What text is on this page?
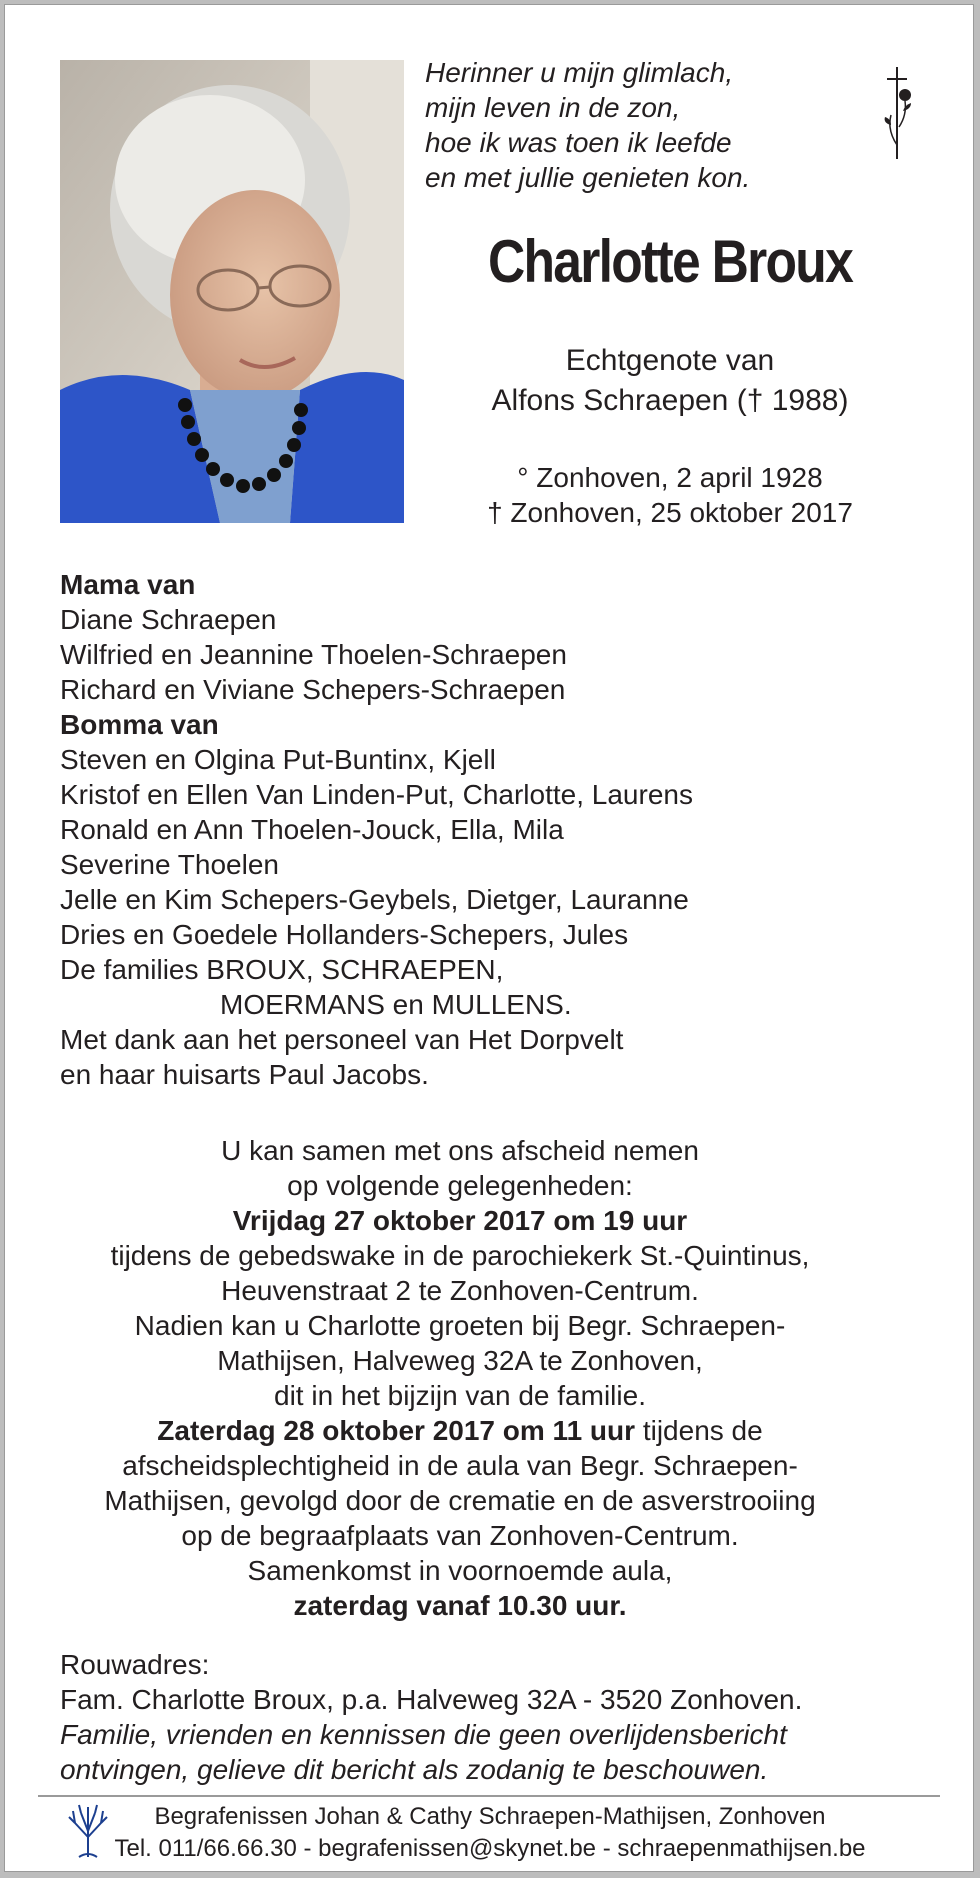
Herinner u mijn glimlach,
mijn leven in de zon,
hoe ik was toen ik leefde
en met jullie genieten kon.
Charlotte Broux
Echtgenote van
Alfons Schraepen († 1988)
° Zonhoven, 2 april 1928
† Zonhoven, 25 oktober 2017
Mama van
Diane Schraepen
Wilfried en Jeannine Thoelen-Schraepen
Richard en Viviane Schepers-Schraepen
Bomma van
Steven en Olgina Put-Buntinx, Kjell
Kristof en Ellen Van Linden-Put, Charlotte, Laurens
Ronald en Ann Thoelen-Jouck, Ella, Mila
Severine Thoelen
Jelle en Kim Schepers-Geybels, Dietger, Lauranne
Dries en Goedele Hollanders-Schepers, Jules
De families BROUX, SCHRAEPEN,
MOERMANS en MULLENS.
Met dank aan het personeel van Het Dorpvelt
en haar huisarts Paul Jacobs.
U kan samen met ons afscheid nemen
op volgende gelegenheden:
Vrijdag 27 oktober 2017 om 19 uur
tijdens de gebedswake in de parochiekerk St.-Quintinus,
Heuvenstraat 2 te Zonhoven-Centrum.
Nadien kan u Charlotte groeten bij Begr. Schraepen-
Mathijsen, Halveweg 32A te Zonhoven,
dit in het bijzijn van de familie.
Zaterdag 28 oktober 2017 om 11 uur tijdens de
afscheidsplechtigheid in de aula van Begr. Schraepen-
Mathijsen, gevolgd door de crematie en de asverstrooiing
op de begraafplaats van Zonhoven-Centrum.
Samenkomst in voornoemde aula,
zaterdag vanaf 10.30 uur.
Rouwadres:
Fam. Charlotte Broux, p.a. Halveweg 32A - 3520 Zonhoven.
Familie, vrienden en kennissen die geen overlijdensbericht
ontvingen, gelieve dit bericht als zodanig te beschouwen.
Begrafenissen Johan & Cathy Schraepen-Mathijsen, Zonhoven
Tel. 011/66.66.30 - begrafenissen@skynet.be - schraepenmathijsen.be
